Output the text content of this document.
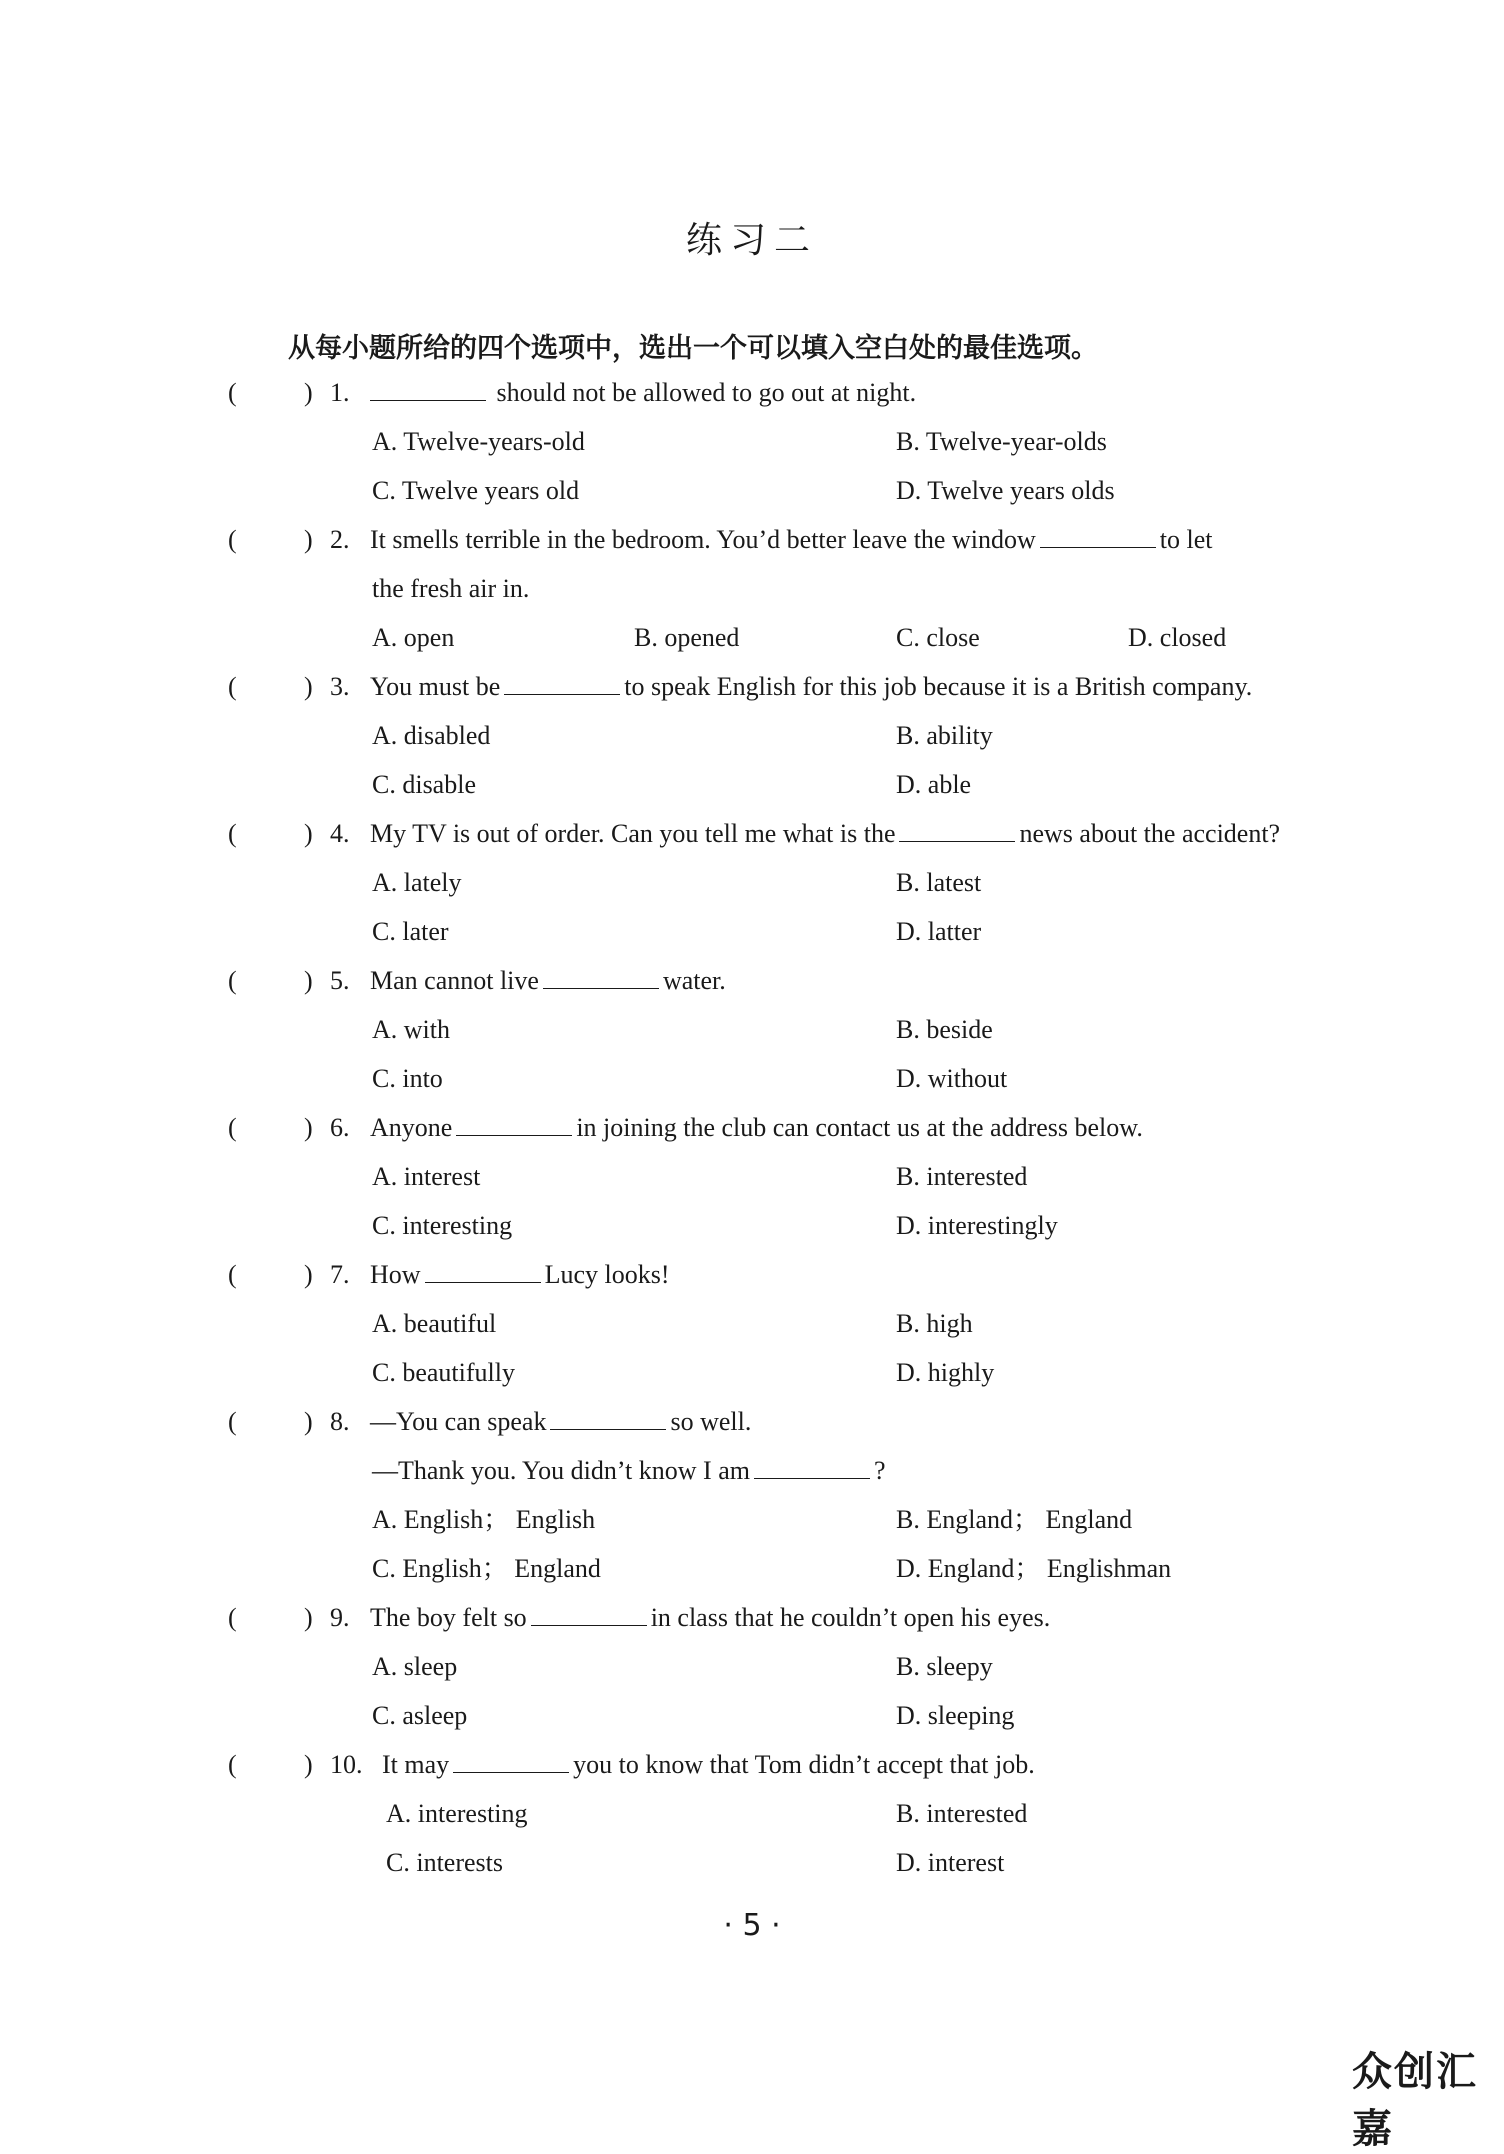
练习二
从每小题所给的四个选项中，选出一个可以填入空白处的最佳选项。
(	) 1.	should not be allowed to go out at night.
A. Twelve-years-old	B. Twelve-year-olds
C. Twelve years old	D. Twelve years olds
(	) 2. It smells terrible in the bedroom. You’d better leave the window	to let
the fresh air in.
A. open	B. opened	C. close	D. closed
(	) 3. You must be	to speak English for this job because it is a British company.
A. disabled	B. ability
C. disable	D. able
(	) 4. My TV is out of order. Can you tell me what is the	news about the accident?
A. lately	B. latest
C. later	D. latter
(	) 5. Man cannot live	water.
A. with	B. beside
C. into	D. without
(	) 6. Anyone	in joining the club can contact us at the address below.
A. interest	B. interested
C. interesting	D. interestingly
(	) 7. How	Lucy looks!
A. beautiful	B. high
C. beautifully	D. highly
(	) 8. —You can speak	so well.
—Thank you. You didn’t know I am	?
A. English； English	B. England； England
C. English； England	D. England； Englishman
(	) 9. The boy felt so	in class that he couldn’t open his eyes.
A. sleep	B. sleepy
C. asleep	D. sleeping
(	) 10. It may	you to know that Tom didn’t accept that job.
A. interesting	B. interested
C. interests	D. interest
· 5 ·
众创汇嘉
